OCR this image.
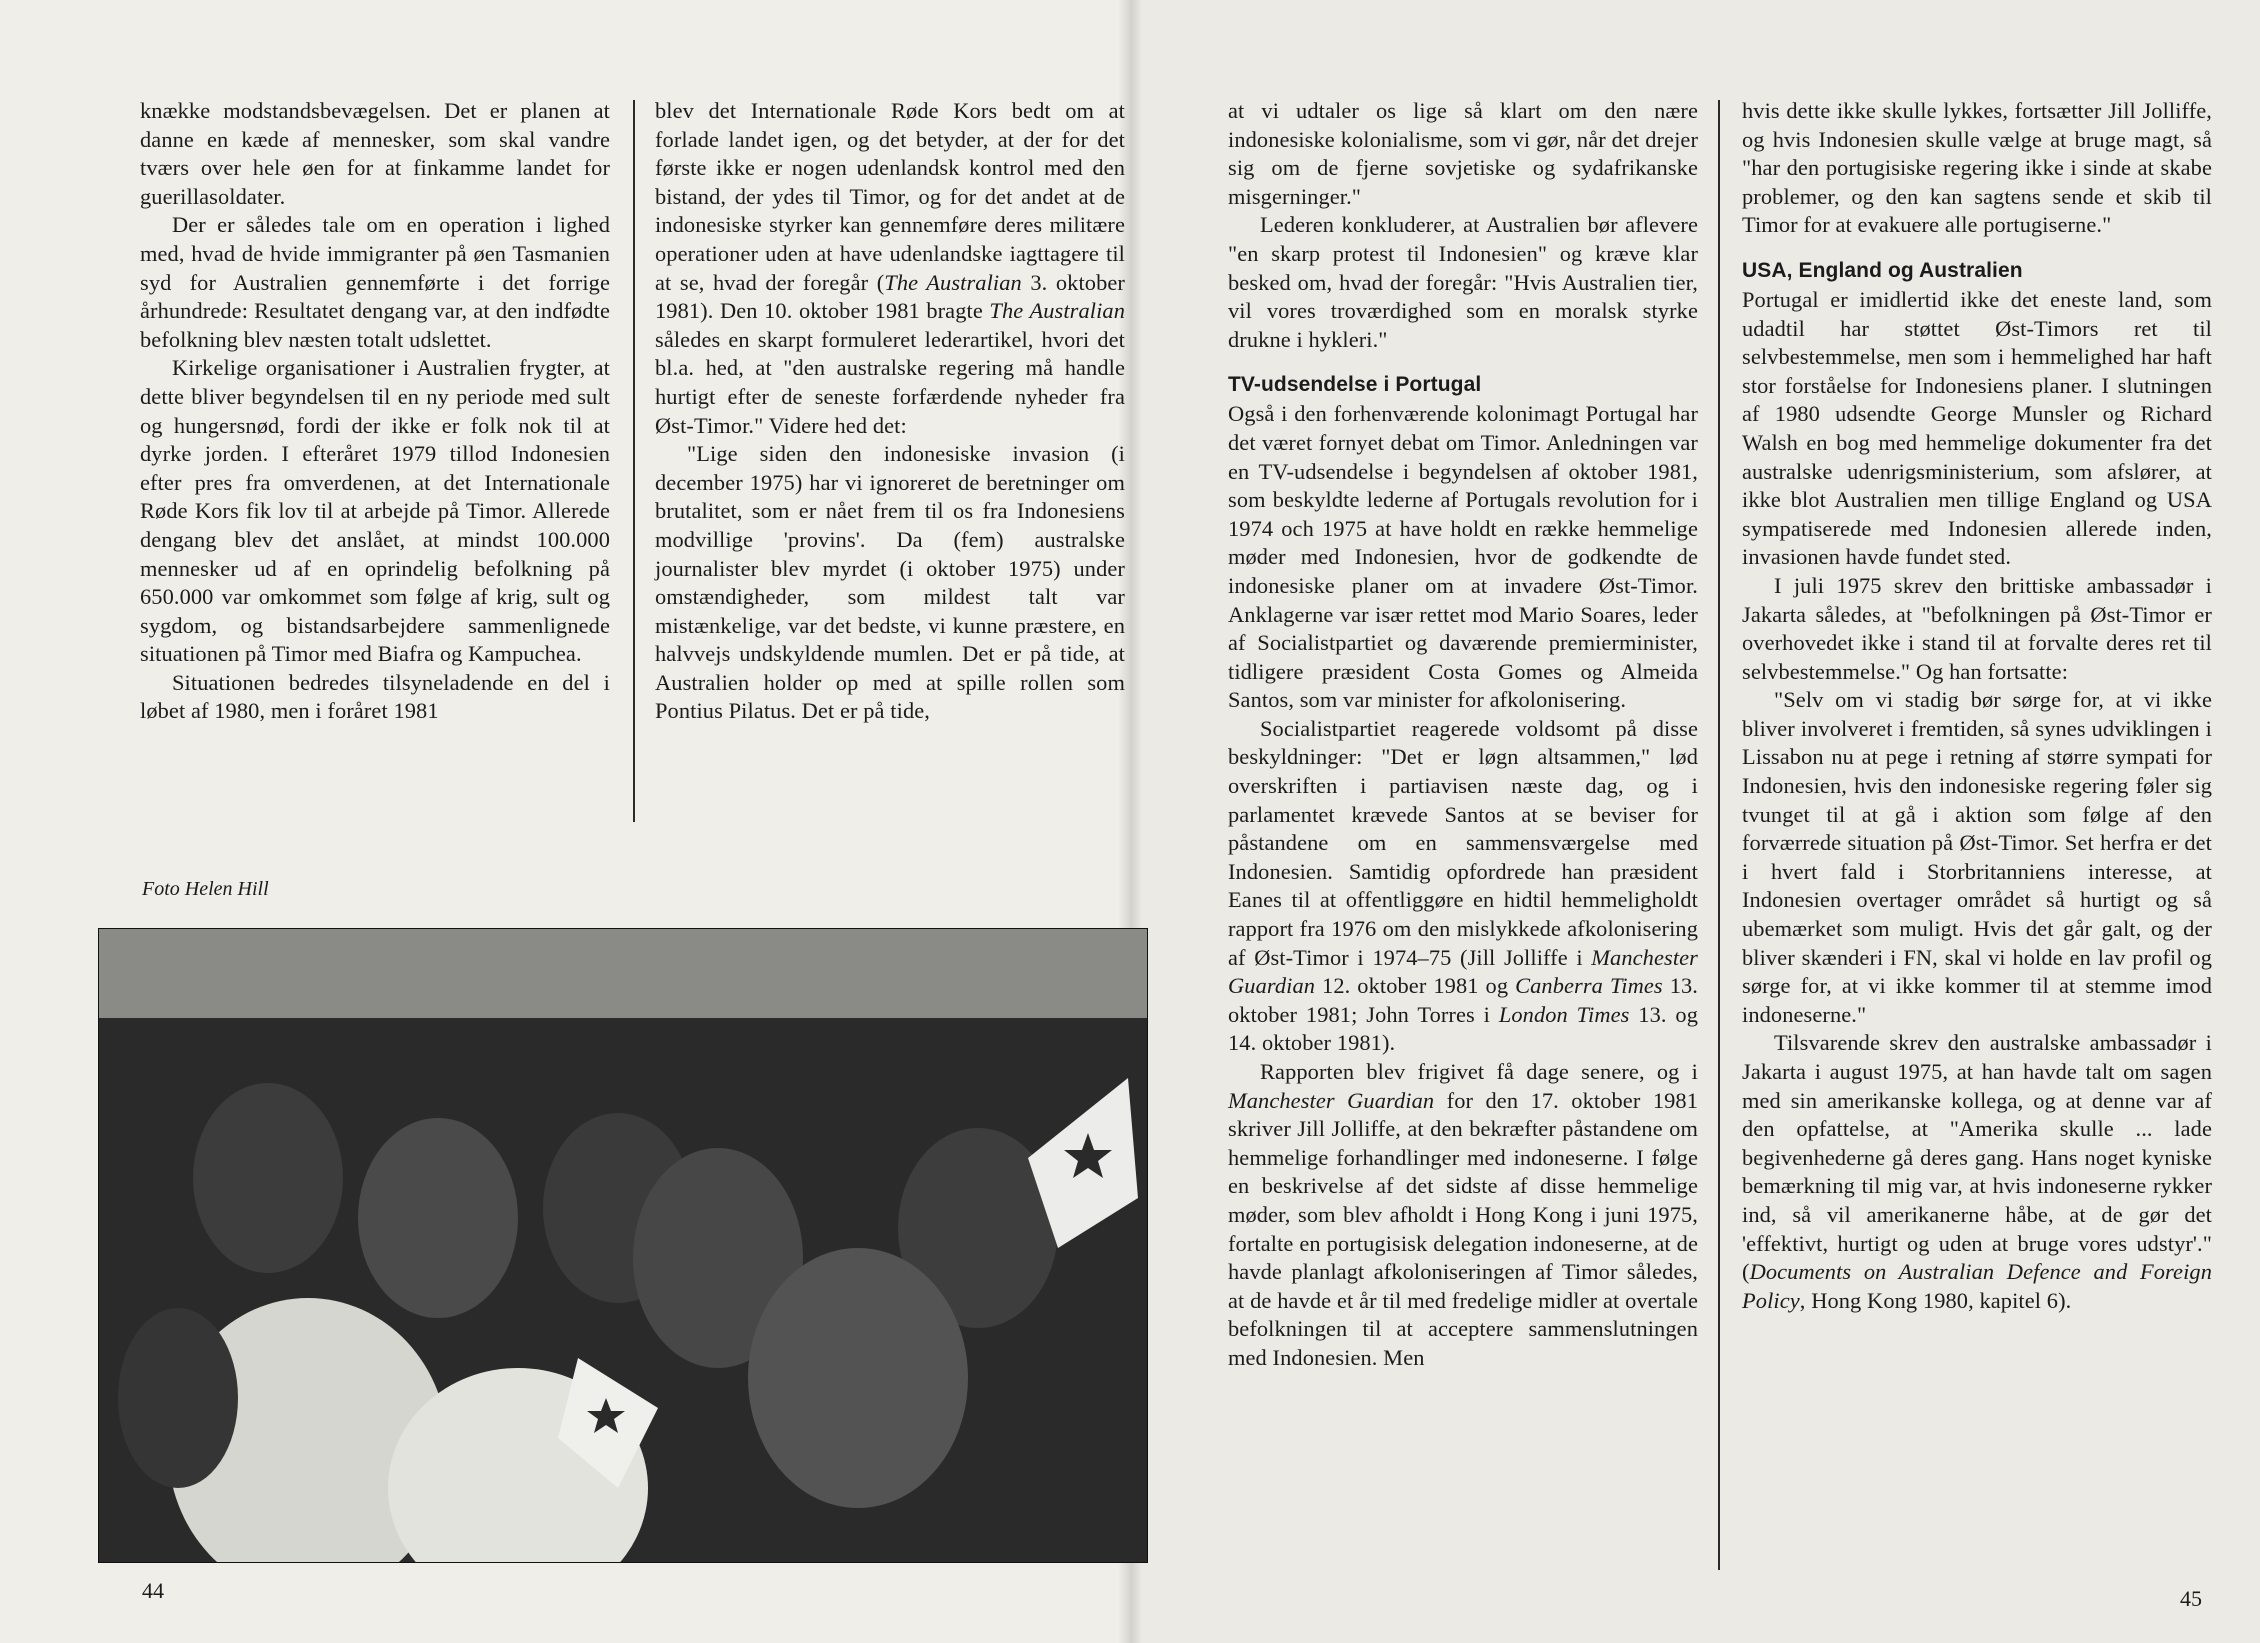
knække modstandsbevægelsen. Det er planen at danne en kæde af mennesker, som skal vandre tværs over hele øen for at finkamme landet for guerillasoldater.

Der er således tale om en operation i lighed med, hvad de hvide immigranter på øen Tasmanien syd for Australien gennemførte i det forrige århundrede: Resultatet dengang var, at den indfødte befolkning blev næsten totalt udslettet.

Kirkelige organisationer i Australien frygter, at dette bliver begyndelsen til en ny periode med sult og hungersnød, fordi der ikke er folk nok til at dyrke jorden. I efteråret 1979 tillod Indonesien efter pres fra omverdenen, at det Internationale Røde Kors fik lov til at arbejde på Timor. Allerede dengang blev det anslået, at mindst 100.000 mennesker ud af en oprindelig befolkning på 650.000 var omkommet som følge af krig, sult og sygdom, og bistandsarbejdere sammenlignede situationen på Timor med Biafra og Kampuchea.

Situationen bedredes tilsyneladende en del i løbet af 1980, men i foråret 1981

blev det Internationale Røde Kors bedt om at forlade landet igen, og det betyder, at der for det første ikke er nogen udenlandsk kontrol med den bistand, der ydes til Timor, og for det andet at de indonesiske styrker kan gennemføre deres militære operationer uden at have udenlandske iagttagere til at se, hvad der foregår (The Australian 3. oktober 1981). Den 10. oktober 1981 bragte The Australian således en skarpt formuleret lederartikel, hvori det bl.a. hed, at "den australske regering må handle hurtigt efter de seneste forfærdende nyheder fra Øst-Timor." Videre hed det:

"Lige siden den indonesiske invasion (i december 1975) har vi ignoreret de beretninger om brutalitet, som er nået frem til os fra Indonesiens modvillige 'provins'. Da (fem) australske journalister blev myrdet (i oktober 1975) under omstændigheder, som mildest talt var mistænkelige, var det bedste, vi kunne præstere, en halvvejs undskyldende mumlen. Det er på tide, at Australien holder op med at spille rollen som Pontius Pilatus. Det er på tide,

Foto Helen Hill
44

at vi udtaler os lige så klart om den nære indonesiske kolonialisme, som vi gør, når det drejer sig om de fjerne sovjetiske og sydafrikanske misgerninger."

Lederen konkluderer, at Australien bør aflevere "en skarp protest til Indonesien" og kræve klar besked om, hvad der foregår: "Hvis Australien tier, vil vores troværdighed som en moralsk styrke drukne i hykleri."

TV-udsendelse i Portugal

Også i den forhenværende kolonimagt Portugal har det været fornyet debat om Timor. Anledningen var en TV-udsendelse i begyndelsen af oktober 1981, som beskyldte lederne af Portugals revolution for i 1974 och 1975 at have holdt en række hemmelige møder med Indonesien, hvor de godkendte de indonesiske planer om at invadere Øst-Timor. Anklagerne var især rettet mod Mario Soares, leder af Socialistpartiet og daværende premierminister, tidligere præsident Costa Gomes og Almeida Santos, som var minister for afkolonisering.

Socialistpartiet reagerede voldsomt på disse beskyldninger: "Det er løgn altsammen," lød overskriften i partiavisen næste dag, og i parlamentet krævede Santos at se beviser for påstandene om en sammensværgelse med Indonesien. Samtidig opfordrede han præsident Eanes til at offentliggøre en hidtil hemmeligholdt rapport fra 1976 om den mislykkede afkolonisering af Øst-Timor i 1974–75 (Jill Jolliffe i Manchester Guardian 12. oktober 1981 og Canberra Times 13. oktober 1981; John Torres i London Times 13. og 14. oktober 1981).

Rapporten blev frigivet få dage senere, og i Manchester Guardian for den 17. oktober 1981 skriver Jill Jolliffe, at den bekræfter påstandene om hemmelige forhandlinger med indoneserne. I følge en beskrivelse af det sidste af disse hemmelige møder, som blev afholdt i Hong Kong i juni 1975, fortalte en portugisisk delegation indoneserne, at de havde planlagt afkoloniseringen af Timor således, at de havde et år til med fredelige midler at overtale befolkningen til at acceptere sammenslutningen med Indonesien. Men

hvis dette ikke skulle lykkes, fortsætter Jill Jolliffe, og hvis Indonesien skulle vælge at bruge magt, så "har den portugisiske regering ikke i sinde at skabe problemer, og den kan sagtens sende et skib til Timor for at evakuere alle portugiserne."

USA, England og Australien

Portugal er imidlertid ikke det eneste land, som udadtil har støttet Øst-Timors ret til selvbestemmelse, men som i hemmelighed har haft stor forståelse for Indonesiens planer. I slutningen af 1980 udsendte George Munsler og Richard Walsh en bog med hemmelige dokumenter fra det australske udenrigsministerium, som afslører, at ikke blot Australien men tillige England og USA sympatiserede med Indonesien allerede inden, invasionen havde fundet sted.

I juli 1975 skrev den brittiske ambassadør i Jakarta således, at "befolkningen på Øst-Timor er overhovedet ikke i stand til at forvalte deres ret til selvbestemmelse." Og han fortsatte:

"Selv om vi stadig bør sørge for, at vi ikke bliver involveret i fremtiden, så synes udviklingen i Lissabon nu at pege i retning af større sympati for Indonesien, hvis den indonesiske regering føler sig tvunget til at gå i aktion som følge af den forværrede situation på Øst-Timor. Set herfra er det i hvert fald i Storbritanniens interesse, at Indonesien overtager området så hurtigt og så ubemærket som muligt. Hvis det går galt, og der bliver skænderi i FN, skal vi holde en lav profil og sørge for, at vi ikke kommer til at stemme imod indoneserne."

Tilsvarende skrev den australske ambassadør i Jakarta i august 1975, at han havde talt om sagen med sin amerikanske kollega, og at denne var af den opfattelse, at "Amerika skulle ... lade begivenhederne gå deres gang. Hans noget kyniske bemærkning til mig var, at hvis indoneserne rykker ind, så vil amerikanerne håbe, at de gør det 'effektivt, hurtigt og uden at bruge vores udstyr'." (Documents on Australian Defence and Foreign Policy, Hong Kong 1980, kapitel 6).

45
